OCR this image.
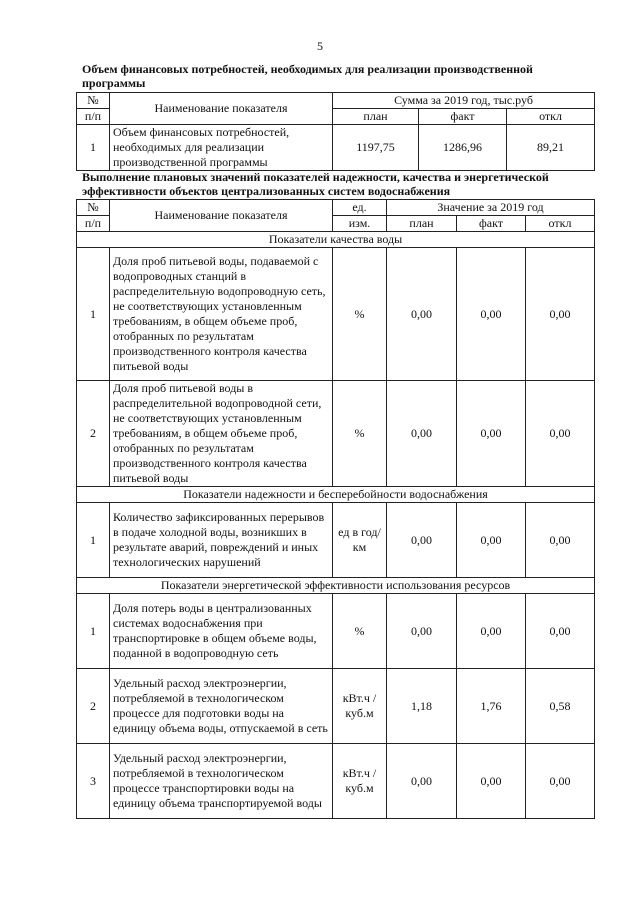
5
Объем финансовых потребностей, необходимых для реализации производственной программы
№	Наименование показателя	Сумма за 2019 год, тыс.руб		
п/п		план	факт	откл
1	Объем финансовых потребностей, необходимых для реализации производственной программы	1197,75	1286,96	89,21
Выполнение плановых значений показателей надежности, качества и энергетической эффективности объектов централизованных систем водоснабжения
№	Наименование показателя	ед.	Значение за 2019 год		
п/п		изм.	план	факт	откл
Показатели качества воды					
1	Доля проб питьевой воды, подаваемой с водопроводных станций в распределительную водопроводную сеть, не соответствующих установленным требованиям, в общем объеме проб, отобранных по результатам производственного контроля качества питьевой воды	%	0,00	0,00	0,00
2	Доля проб питьевой воды в распределительной водопроводной сети, не соответствующих установленным требованиям, в общем объеме проб, отобранных по результатам производственного контроля качества питьевой воды	%	0,00	0,00	0,00
Показатели надежности и бесперебойности водоснабжения					
1	Количество зафиксированных перерывов в подаче холодной воды, возникших в результате аварий, повреждений и иных технологических нарушений	ед в год/ км	0,00	0,00	0,00
Показатели энергетической эффективности использования ресурсов					
1	Доля потерь воды в централизованных системах водоснабжения при транспортировке в общем объеме воды, поданной в водопроводную сеть	%	0,00	0,00	0,00
2	Удельный расход электроэнергии, потребляемой в технологическом процессе для подготовки воды на единицу объема воды, отпускаемой в сеть	кВт.ч / куб.м	1,18	1,76	0,58
3	Удельный расход электроэнергии, потребляемой в технологическом процессе транспортировки воды на единицу объема транспортируемой воды	кВт.ч / куб.м	0,00	0,00	0,00
